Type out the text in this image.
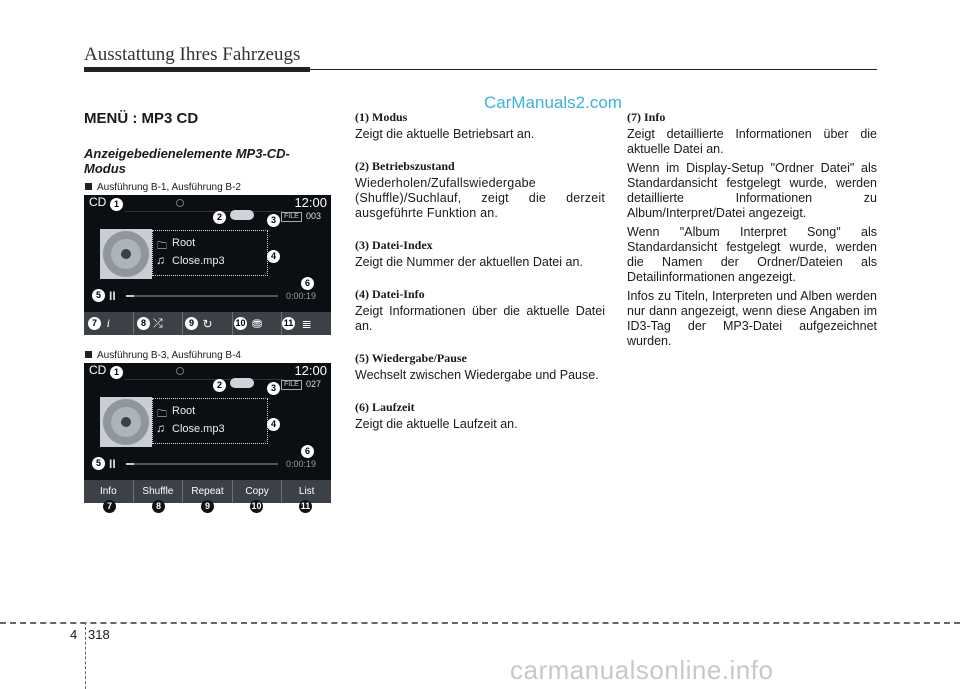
Ausstattung Ihres Fahrzeugs
CarManuals2.com
MENÜ : MP3 CD
Anzeigebedienelemente MP3-CD-Modus
Ausführung B-1, Ausführung B-2
CD	12:00
FILE 003
🗀 Root
♫ Close.mp3
II	0:00:19
i	⤮	↻	⛃	≣
1
2	3
4
5
6
7	8	9	10	11
Ausführung B-3, Ausführung B-4
CD	12:00
FILE 027
🗀 Root
♫ Close.mp3
II	0:00:19
Info	Shuffle	Repeat	Copy	List
1
2	3
4
5
6
7	8	9	10	11
(1) Modus

Zeigt die aktuelle Betriebsart an.

(2) Betriebszustand

Wiederholen/Zufallswiedergabe (Shuffle)/Suchlauf, zeigt die derzeit ausgeführte Funktion an.

(3) Datei-Index

Zeigt die Nummer der aktuellen Datei an.

(4) Datei-Info

Zeigt Informationen über die aktuelle Datei an.

(5) Wiedergabe/Pause

Wechselt zwischen Wiedergabe und Pause.

(6) Laufzeit

Zeigt die aktuelle Laufzeit an.

(7) Info

Zeigt detaillierte Informationen über die aktuelle Datei an.

Wenn im Display-Setup "Ordner Datei" als Standardansicht festgelegt wurde, werden detaillierte Informationen zu Album/Interpret/Datei angezeigt.

Wenn "Album Interpret Song" als Standardansicht festgelegt wurde, werden die Namen der Ordner/Dateien als Detailinformationen angezeigt.

Infos zu Titeln, Interpreten und Alben werden nur dann angezeigt, wenn diese Angaben im ID3-Tag der MP3-Datei aufgezeichnet wurden.

4 318
carmanualsonline.info
